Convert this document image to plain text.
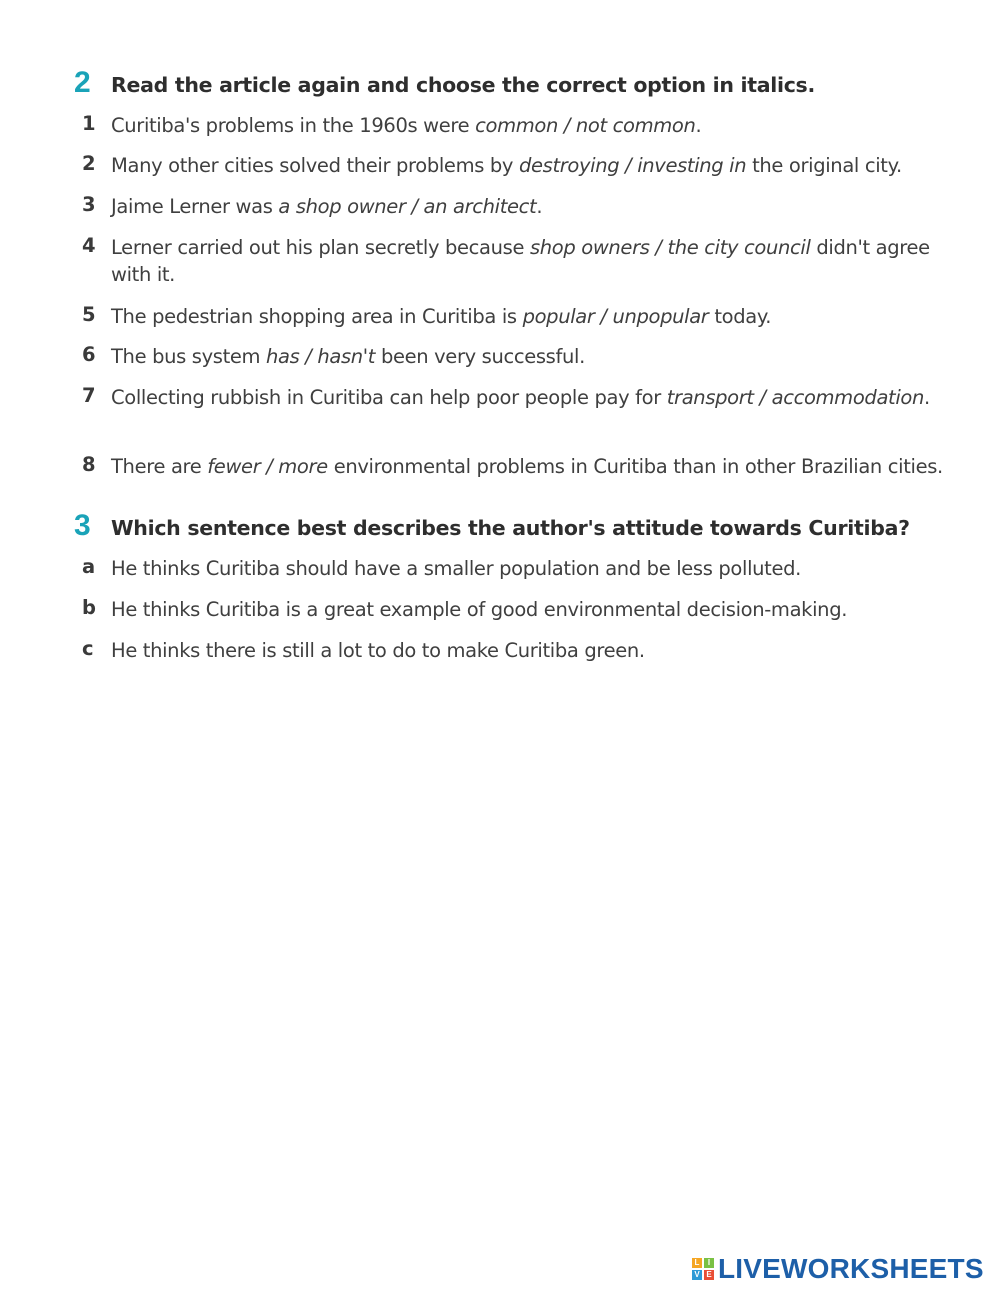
2 Read the article again and choose the correct option in italics.
1 Curitiba's problems in the 1960s were common / not common.
2 Many other cities solved their problems by destroying / investing in the original city.
3 Jaime Lerner was a shop owner / an architect.
4 Lerner carried out his plan secretly because shop owners / the city council didn't agree with it.
5 The pedestrian shopping area in Curitiba is popular / unpopular today.
6 The bus system has / hasn't been very successful.
7 Collecting rubbish in Curitiba can help poor people pay for transport / accommodation.
8 There are fewer / more environmental problems in Curitiba than in other Brazilian cities.
3 Which sentence best describes the author's attitude towards Curitiba?
a He thinks Curitiba should have a smaller population and be less polluted.
b He thinks Curitiba is a great example of good environmental decision-making.
c He thinks there is still a lot to do to make Curitiba green.
L	I
V E LIVEWORKSHEETS
